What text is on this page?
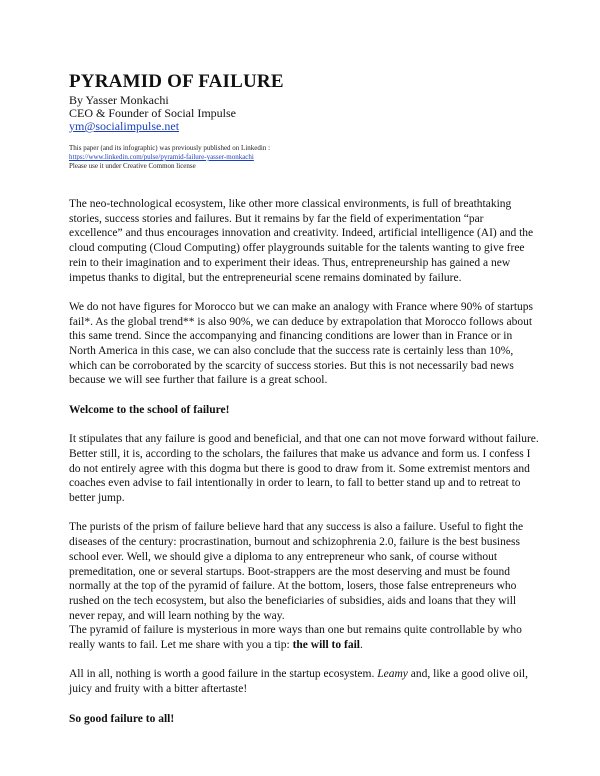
PYRAMID OF FAILURE
By Yasser Monkachi
CEO & Founder of Social Impulse
ym@socialimpulse.net
This paper (and its infographic) was previously published on Linkedin :
https://www.linkedin.com/pulse/pyramid-failure-yasser-monkachi
Please use it under Creative Common license

The neo-technological ecosystem, like other more classical environments, is full of breathtaking stories, success stories and failures. But it remains by far the field of experimentation “par excellence” and thus encourages innovation and creativity. Indeed, artificial intelligence (AI) and the cloud computing (Cloud Computing) offer playgrounds suitable for the talents wanting to give free rein to their imagination and to experiment their ideas. Thus, entrepreneurship has gained a new impetus thanks to digital, but the entrepreneurial scene remains dominated by failure.

We do not have figures for Morocco but we can make an analogy with France where 90% of startups fail*. As the global trend** is also 90%, we can deduce by extrapolation that Morocco follows about this same trend. Since the accompanying and financing conditions are lower than in France or in North America in this case, we can also conclude that the success rate is certainly less than 10%, which can be corroborated by the scarcity of success stories. But this is not necessarily bad news because we will see further that failure is a great school.

Welcome to the school of failure!

It stipulates that any failure is good and beneficial, and that one can not move forward without failure. Better still, it is, according to the scholars, the failures that make us advance and form us. I confess I do not entirely agree with this dogma but there is good to draw from it. Some extremist mentors and coaches even advise to fail intentionally in order to learn, to fall to better stand up and to retreat to better jump.

The purists of the prism of failure believe hard that any success is also a failure. Useful to fight the diseases of the century: procrastination, burnout and schizophrenia 2.0, failure is the best business school ever. Well, we should give a diploma to any entrepreneur who sank, of course without premeditation, one or several startups. Boot-strappers are the most deserving and must be found normally at the top of the pyramid of failure. At the bottom, losers, those false entrepreneurs who rushed on the tech ecosystem, but also the beneficiaries of subsidies, aids and loans that they will never repay, and will learn nothing by the way.

The pyramid of failure is mysterious in more ways than one but remains quite controllable by who really wants to fail. Let me share with you a tip: the will to fail.

All in all, nothing is worth a good failure in the startup ecosystem. Leamy and, like a good olive oil, juicy and fruity with a bitter aftertaste!

So good failure to all!
